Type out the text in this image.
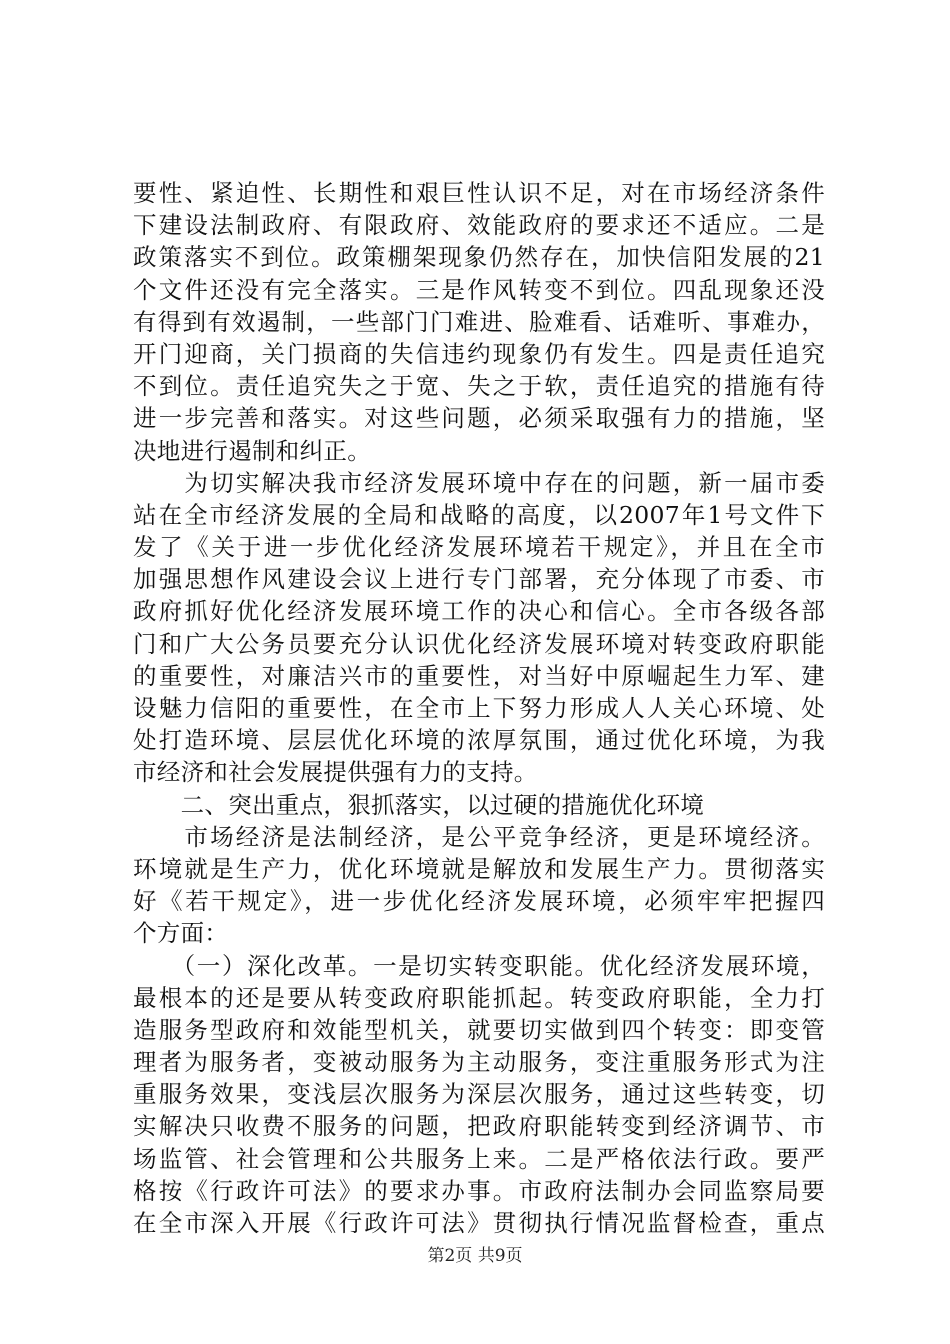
要性、紧迫性、长期性和艰巨性认识不足，对在市场经济条件
下建设法制政府、有限政府、效能政府的要求还不适应。二是
政策落实不到位。政策棚架现象仍然存在，加快信阳发展的21
个文件还没有完全落实。三是作风转变不到位。四乱现象还没
有得到有效遏制，一些部门门难进、脸难看、话难听、事难办，
开门迎商，关门损商的失信违约现象仍有发生。四是责任追究
不到位。责任追究失之于宽、失之于软，责任追究的措施有待
进一步完善和落实。对这些问题，必须采取强有力的措施，坚
决地进行遏制和纠正。
　　为切实解决我市经济发展环境中存在的问题，新一届市委
站在全市经济发展的全局和战略的高度，以2007年1号文件下
发了《关于进一步优化经济发展环境若干规定》，并且在全市
加强思想作风建设会议上进行专门部署，充分体现了市委、市
政府抓好优化经济发展环境工作的决心和信心。全市各级各部
门和广大公务员要充分认识优化经济发展环境对转变政府职能
的重要性，对廉洁兴市的重要性，对当好中原崛起生力军、建
设魅力信阳的重要性，在全市上下努力形成人人关心环境、处
处打造环境、层层优化环境的浓厚氛围，通过优化环境，为我
市经济和社会发展提供强有力的支持。
　　二、突出重点，狠抓落实，以过硬的措施优化环境
　　市场经济是法制经济，是公平竞争经济，更是环境经济。
环境就是生产力，优化环境就是解放和发展生产力。贯彻落实
好《若干规定》，进一步优化经济发展环境，必须牢牢把握四
个方面：
　　（一）深化改革。一是切实转变职能。优化经济发展环境，
最根本的还是要从转变政府职能抓起。转变政府职能，全力打
造服务型政府和效能型机关，就要切实做到四个转变：即变管
理者为服务者，变被动服务为主动服务，变注重服务形式为注
重服务效果，变浅层次服务为深层次服务，通过这些转变，切
实解决只收费不服务的问题，把政府职能转变到经济调节、市
场监管、社会管理和公共服务上来。二是严格依法行政。要严
格按《行政许可法》的要求办事。市政府法制办会同监察局要
在全市深入开展《行政许可法》贯彻执行情况监督检查，重点
第2页 共9页
